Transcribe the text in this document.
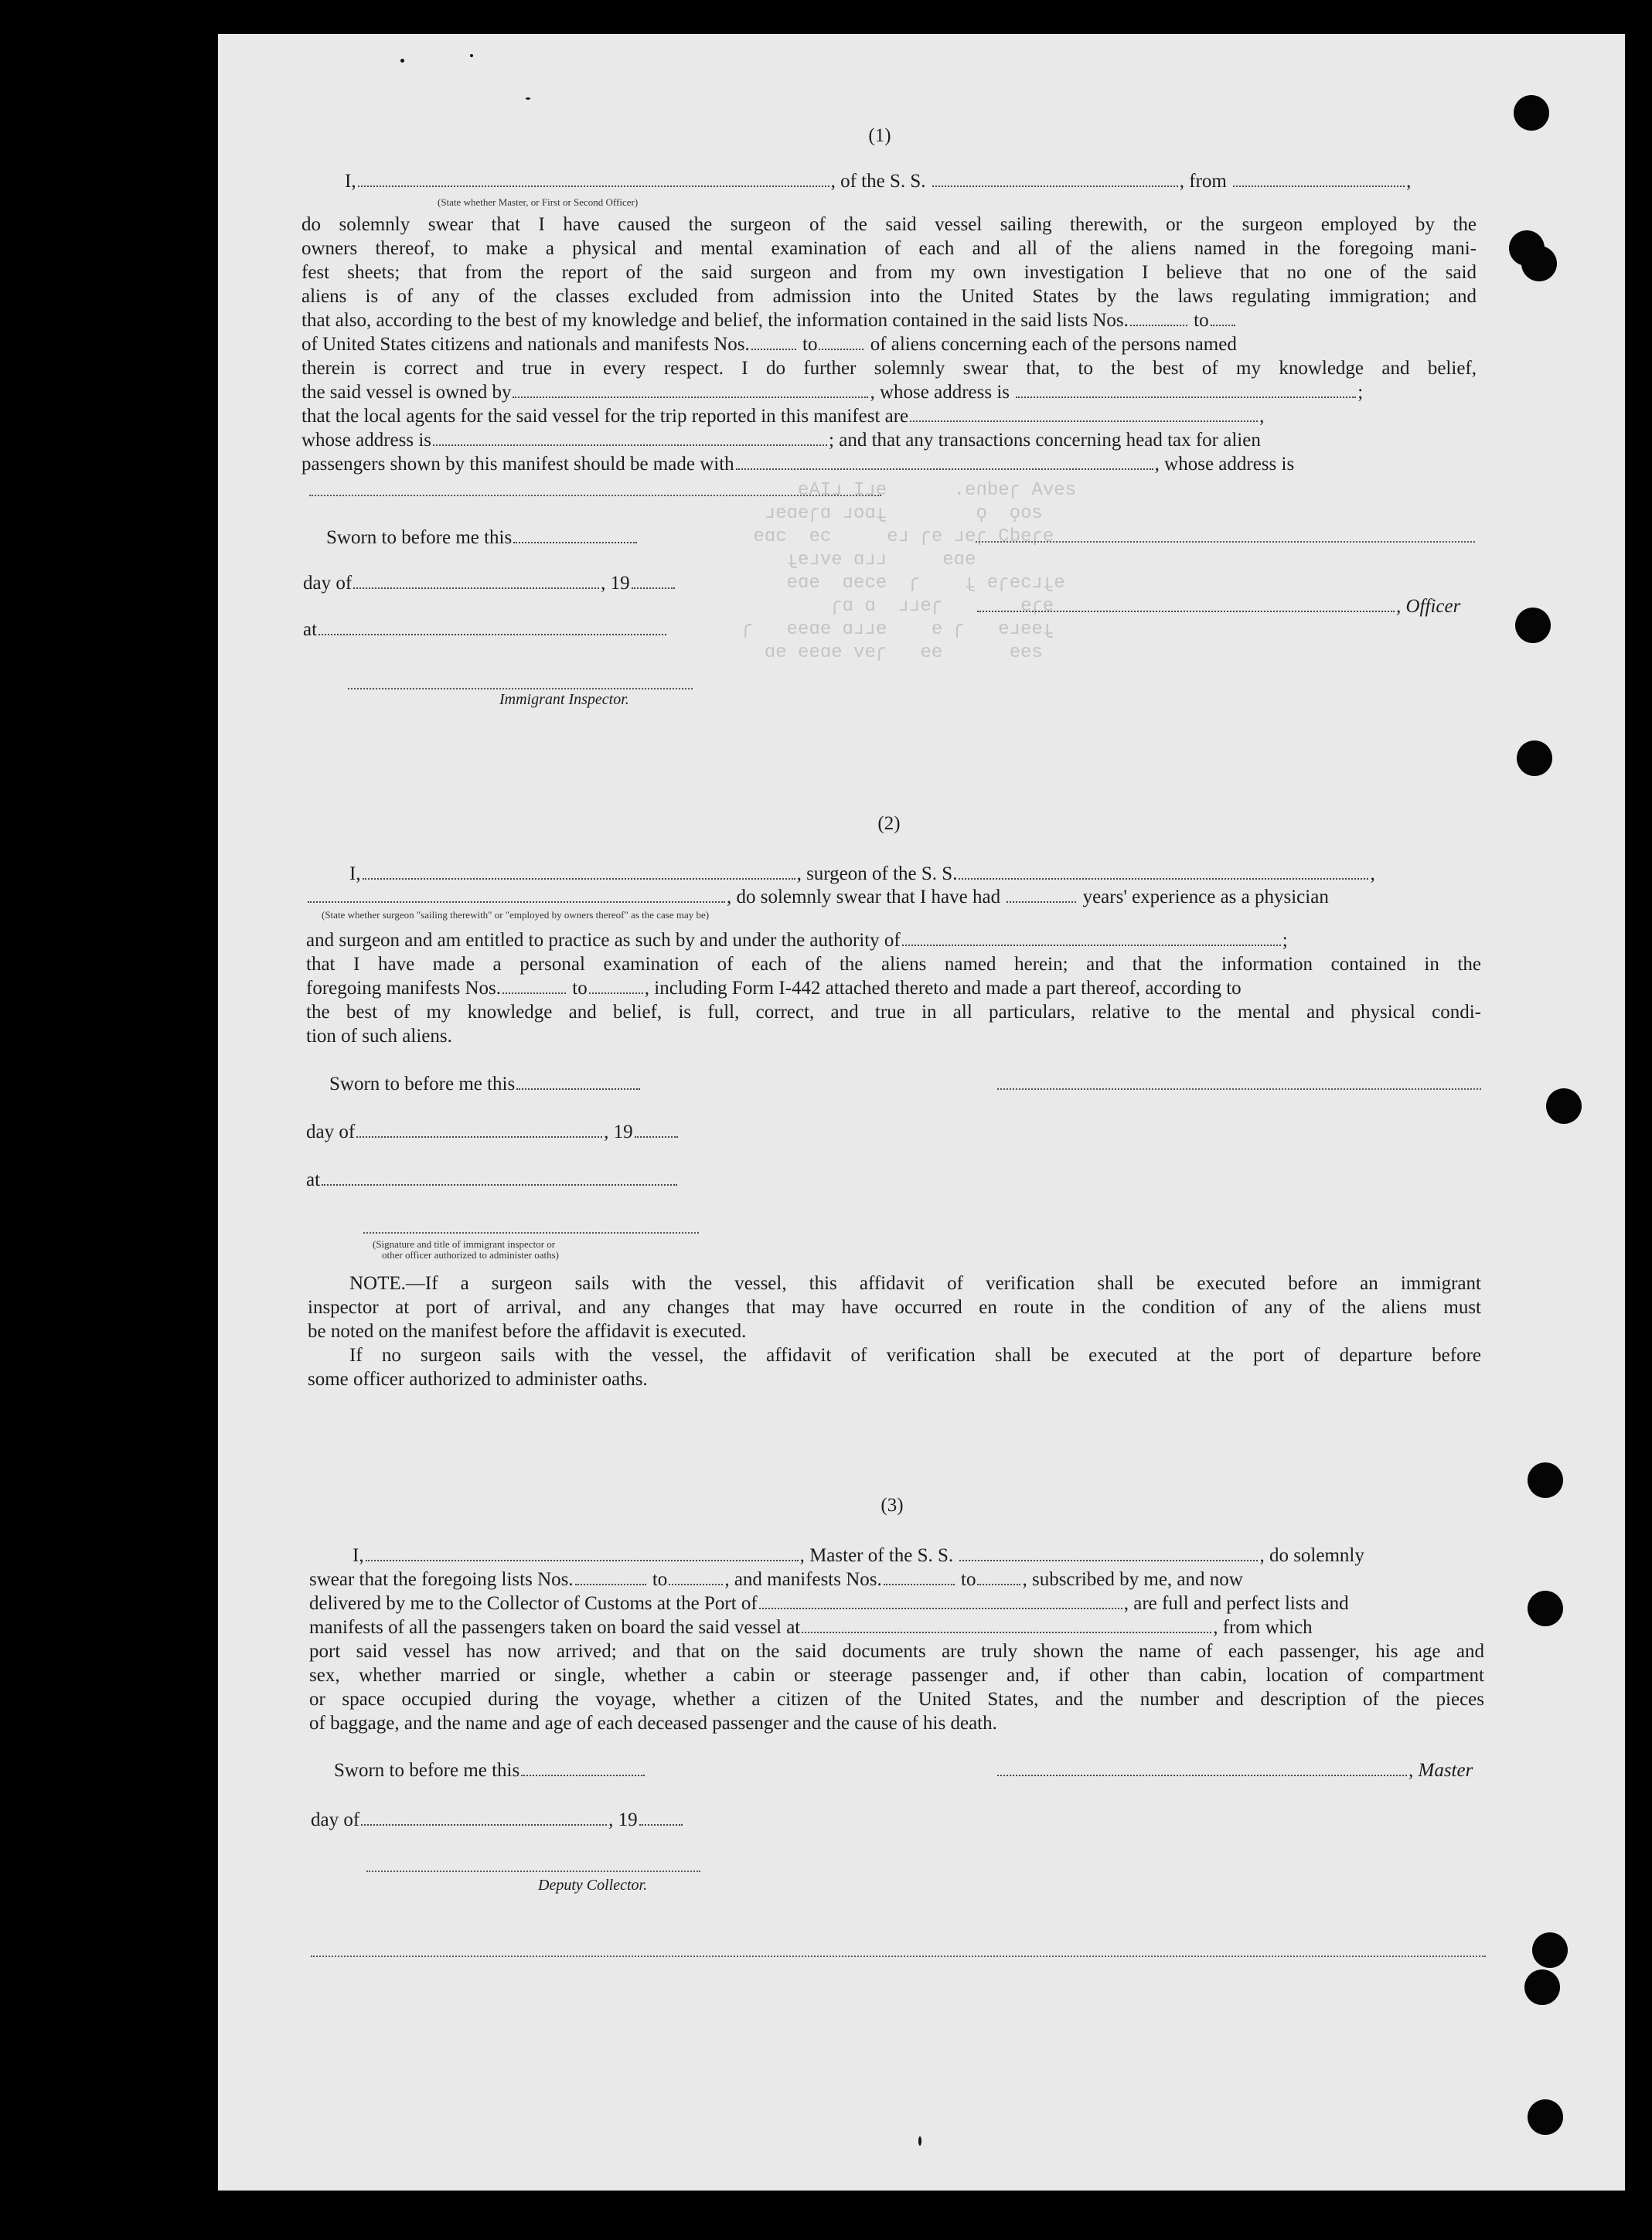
ƨɘvA ɿɘdnɘ.      ɘʟI ʟIAɘ
ƨoǫ  ϙ        ɟɒoʟ ɒɿɘɒɘʟ
ɘɿɘdϽ ɿɘʟ ɘɿ ʟɘ     ɔɘ  ɔɒɘ
ɘɒɘ     ʟʟɒ ɘvʟɘɟ
ɘɟʟɔɘɿɘ ɟ    ɿ  ɘɔɘɒ  ɘɒɘ
ɘɿɘ       ɿɘʟʟ  ɒ ɒɿ
ɟɘɘʟɘ   ɿ ɘ    ɘʟʟɒ ɘɒɘɘ   ɿ
ƨɘɘ      ɘɘ   ɿɘv ɘɒɘɘ ɘɒ
(1)
I,	, of the S. S.	, from	,
(State whether Master, or First or Second Officer)
do solemnly swear that I have caused the surgeon of the said vessel sailing therewith, or the surgeon employed by the
owners thereof, to make a physical and mental examination of each and all of the aliens named in the foregoing mani-
fest sheets; that from the report of the said surgeon and from my own investigation I believe that no one of the said
aliens is of any of the classes excluded from admission into the United States by the laws regulating immigration; and
that also, according to the best of my knowledge and belief, the information contained in the said lists Nos.	to
of United States citizens and nationals and manifests Nos.	to	of aliens concerning each of the persons named
therein is correct and true in every respect. I do further solemnly swear that, to the best of my knowledge and belief,
the said vessel is owned by	, whose address is	;
that the local agents for the said vessel for the trip reported in this manifest are	,
whose address is	; and that any transactions concerning head tax for alien
passengers shown by this manifest should be made with	, whose address is
Sworn to before me this
day of	, 19
at
, Officer
Immigrant Inspector.
(2)
I,	, surgeon of the S. S.	,
, do solemnly swear that I have had	years' experience as a physician
(State whether surgeon "sailing therewith" or "employed by owners thereof" as the case may be)
and surgeon and am entitled to practice as such by and under the authority of	;
that I have made a personal examination of each of the aliens named herein; and that the information contained in the
foregoing manifests Nos.	to	, including Form I-442 attached thereto and made a part thereof, according to
the best of my knowledge and belief, is full, correct, and true in all particulars, relative to the mental and physical condi-
tion of such aliens.
Sworn to before me this
day of	, 19
at
(Signature and title of immigrant inspector or
other officer authorized to administer oaths)
NOTE.—If a surgeon sails with the vessel, this affidavit of verification shall be executed before an immigrant
inspector at port of arrival, and any changes that may have occurred en route in the condition of any of the aliens must
be noted on the manifest before the affidavit is executed.
If no surgeon sails with the vessel, the affidavit of verification shall be executed at the port of departure before
some officer authorized to administer oaths.
(3)
I,	, Master of the S. S.	, do solemnly
swear that the foregoing lists Nos.	to	, and manifests Nos.	to , subscribed by me, and now
delivered by me to the Collector of Customs at the Port of	, are full and perfect lists and
manifests of all the passengers taken on board the said vessel at	, from which
port said vessel has now arrived; and that on the said documents are truly shown the name of each passenger, his age and
sex, whether married or single, whether a cabin or steerage passenger and, if other than cabin, location of compartment
or space occupied during the voyage, whether a citizen of the United States, and the number and description of the pieces
of baggage, and the name and age of each deceased passenger and the cause of his death.
Sworn to before me this	, Master
day of	, 19
Deputy Collector.
